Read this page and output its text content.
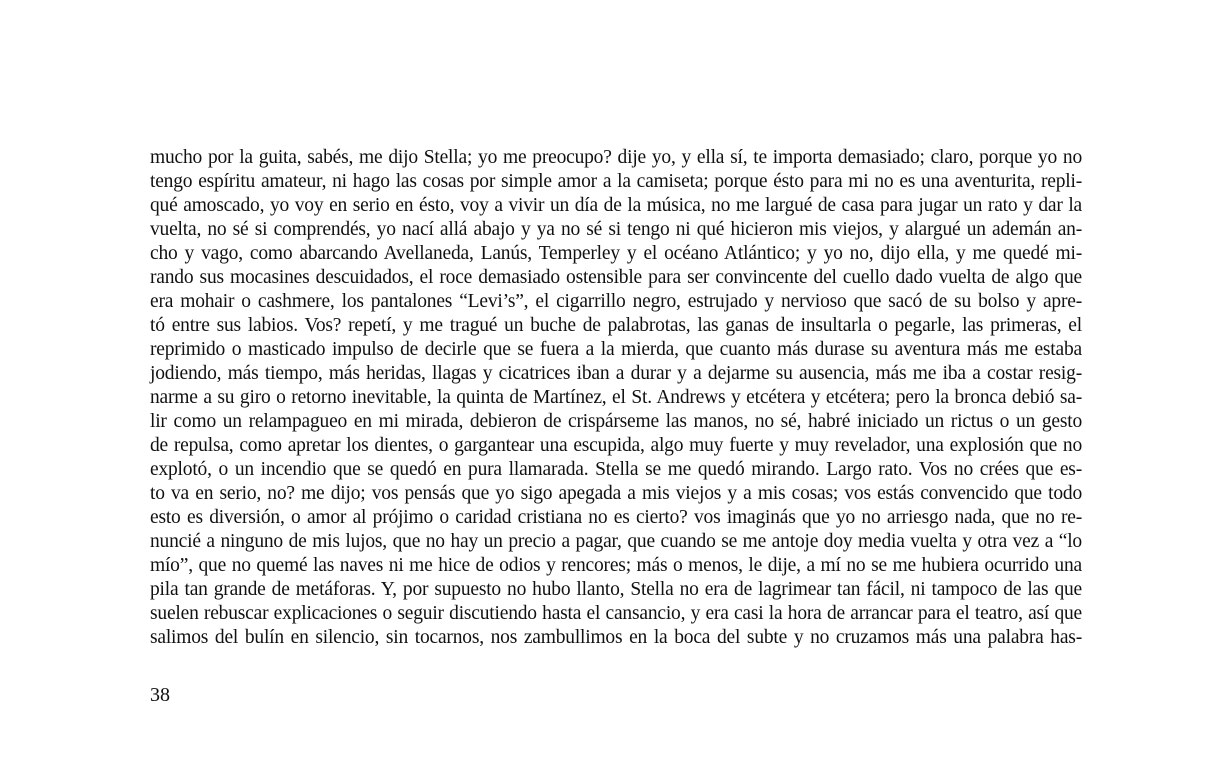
mucho por la guita, sabés, me dijo Stella; yo me preocupo? dije yo, y ella sí, te importa demasiado; claro, porque yo no
tengo espíritu amateur, ni hago las cosas por simple amor a la camiseta; porque ésto para mi no es una aventurita, repli-
qué amoscado, yo voy en serio en ésto, voy a vivir un día de la música, no me largué de casa para jugar un rato y dar la
vuelta, no sé si comprendés, yo nací allá abajo y ya no sé si tengo ni qué hicieron mis viejos, y alargué un ademán an-
cho y vago, como abarcando Avellaneda, Lanús, Temperley y el océano Atlántico; y yo no, dijo ella, y me quedé mi-
rando sus mocasines descuidados, el roce demasiado ostensible para ser convincente del cuello dado vuelta de algo que
era mohair o cashmere, los pantalones “Levi’s”, el cigarrillo negro, estrujado y nervioso que sacó de su bolso y apre-
tó entre sus labios. Vos? repetí, y me tragué un buche de palabrotas, las ganas de insultarla o pegarle, las primeras, el
reprimido o masticado impulso de decirle que se fuera a la mierda, que cuanto más durase su aventura más me estaba
jodiendo, más tiempo, más heridas, llagas y cicatrices iban a durar y a dejarme su ausencia, más me iba a costar resig-
narme a su giro o retorno inevitable, la quinta de Martínez, el St. Andrews y etcétera y etcétera; pero la bronca debió sa-
lir como un relampagueo en mi mirada, debieron de crispárseme las manos, no sé, habré iniciado un rictus o un gesto
de repulsa, como apretar los dientes, o gargantear una escupida, algo muy fuerte y muy revelador, una explosión que no
explotó, o un incendio que se quedó en pura llamarada. Stella se me quedó mirando. Largo rato. Vos no crées que es-
to va en serio, no? me dijo; vos pensás que yo sigo apegada a mis viejos y a mis cosas; vos estás convencido que todo
esto es diversión, o amor al prójimo o caridad cristiana no es cierto? vos imaginás que yo no arriesgo nada, que no re-
nuncié a ninguno de mis lujos, que no hay un precio a pagar, que cuando se me antoje doy media vuelta y otra vez a “lo
mío”, que no quemé las naves ni me hice de odios y rencores; más o menos, le dije, a mí no se me hubiera ocurrido una
pila tan grande de metáforas. Y, por supuesto no hubo llanto, Stella no era de lagrimear tan fácil, ni tampoco de las que
suelen rebuscar explicaciones o seguir discutiendo hasta el cansancio, y era casi la hora de arrancar para el teatro, así que
salimos del bulín en silencio, sin tocarnos, nos zambullimos en la boca del subte y no cruzamos más una palabra has-
38
